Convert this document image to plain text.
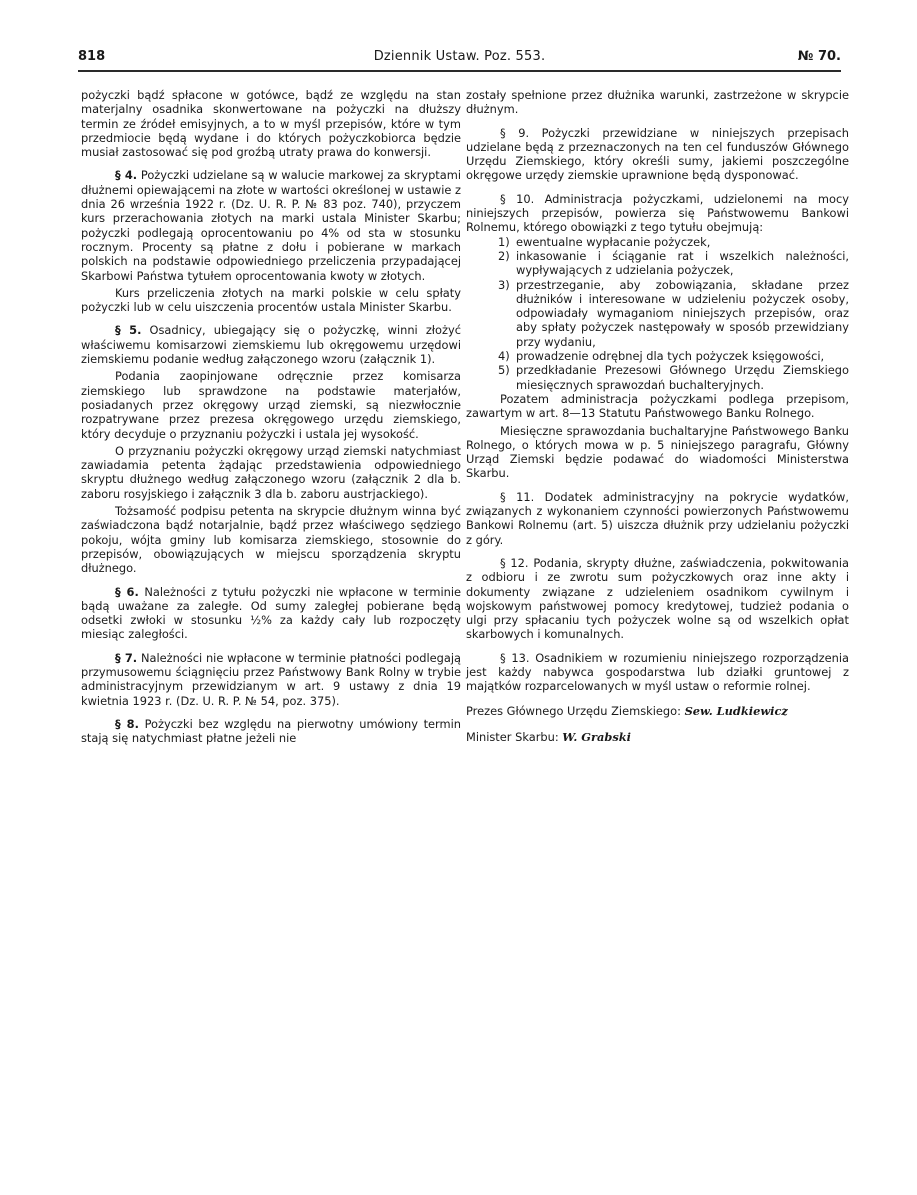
818	Dziennik Ustaw. Poz. 553.	№ 70.

pożyczki bądź spłacone w gotówce, bądź ze względu na stan materjalny osadnika skonwertowane na pożyczki na dłuższy termin ze źródeł emisyjnych, a to w myśl przepisów, które w tym przedmiocie będą wydane i do których pożyczkobiorca będzie musiał zastosować się pod groźbą utraty prawa do konwersji.

§ 4. Pożyczki udzielane są w walucie markowej za skryptami dłużnemi opiewającemi na złote w wartości określonej w ustawie z dnia 26 września 1922 r. (Dz. U. R. P. № 83 poz. 740), przyczem kurs przerachowania złotych na marki ustala Minister Skarbu; pożyczki podlegają oprocentowaniu po 4% od sta w stosunku rocznym. Procenty są płatne z dołu i pobierane w markach polskich na podstawie odpowiedniego przeliczenia przypadającej Skarbowi Państwa tytułem oprocentowania kwoty w złotych.

Kurs przeliczenia złotych na marki polskie w celu spłaty pożyczki lub w celu uiszczenia procentów ustala Minister Skarbu.

§ 5. Osadnicy, ubiegający się o pożyczkę, winni złożyć właściwemu komisarzowi ziemskiemu lub okręgowemu urzędowi ziemskiemu podanie według załączonego wzoru (załącznik 1).

Podania zaopinjowane odręcznie przez komisarza ziemskiego lub sprawdzone na podstawie materjałów, posiadanych przez okręgowy urząd ziemski, są niezwłocznie rozpatrywane przez prezesa okręgowego urzędu ziemskiego, który decyduje o przyznaniu pożyczki i ustala jej wysokość.

O przyznaniu pożyczki okręgowy urząd ziemski natychmiast zawiadamia petenta żądając przedstawienia odpowiedniego skryptu dłużnego według załączonego wzoru (załącznik 2 dla b. zaboru rosyjskiego i załącznik 3 dla b. zaboru austrjackiego).

Tożsamość podpisu petenta na skrypcie dłużnym winna być zaświadczona bądź notarjalnie, bądź przez właściwego sędziego pokoju, wójta gminy lub komisarza ziemskiego, stosownie do przepisów, obowiązujących w miejscu sporządzenia skryptu dłużnego.

§ 6. Należności z tytułu pożyczki nie wpłacone w terminie bądą uważane za zaległe. Od sumy zaległej pobierane będą odsetki zwłoki w stosunku ½% za każdy cały lub rozpoczęty miesiąc zaległości.

§ 7. Należności nie wpłacone w terminie płatności podlegają przymusowemu ściągnięciu przez Państwowy Bank Rolny w trybie administracyjnym przewidzianym w art. 9 ustawy z dnia 19 kwietnia 1923 r. (Dz. U. R. P. № 54, poz. 375).

§ 8. Pożyczki bez względu na pierwotny umówiony termin stają się natychmiast płatne jeżeli nie

zostały spełnione przez dłużnika warunki, zastrzeżone w skrypcie dłużnym.

§ 9. Pożyczki przewidziane w niniejszych przepisach udzielane będą z przeznaczonych na ten cel funduszów Głównego Urzędu Ziemskiego, który określi sumy, jakiemi poszczególne okręgowe urzędy ziemskie uprawnione będą dysponować.

§ 10. Administracja pożyczkami, udzielonemi na mocy niniejszych przepisów, powierza się Państwowemu Bankowi Rolnemu, którego obowiązki z tego tytułu obejmują:

1) ewentualne wypłacanie pożyczek,
2) inkasowanie i ściąganie rat i wszelkich należności, wypływających z udzielania pożyczek,
3) przestrzeganie, aby zobowiązania, składane przez dłużników i interesowane w udzieleniu pożyczek osoby, odpowiadały wymaganiom niniejszych przepisów, oraz aby spłaty pożyczek następowały w sposób przewidziany przy wydaniu,
4) prowadzenie odrębnej dla tych pożyczek księgowości,
5) przedkładanie Prezesowi Głównego Urzędu Ziemskiego miesięcznych sprawozdań buchalteryjnych.

Pozatem administracja pożyczkami podlega przepisom, zawartym w art. 8—13 Statutu Państwowego Banku Rolnego.

Miesięczne sprawozdania buchaltaryjne Państwowego Banku Rolnego, o których mowa w p. 5 niniejszego paragrafu, Główny Urząd Ziemski będzie podawać do wiadomości Ministerstwa Skarbu.

§ 11. Dodatek administracyjny na pokrycie wydatków, związanych z wykonaniem czynności powierzonych Państwowemu Bankowi Rolnemu (art. 5) uiszcza dłużnik przy udzielaniu pożyczki z góry.

§ 12. Podania, skrypty dłużne, zaświadczenia, pokwitowania z odbioru i ze zwrotu sum pożyczkowych oraz inne akty i dokumenty związane z udzieleniem osadnikom cywilnym i wojskowym państwowej pomocy kredytowej, tudzież podania o ulgi przy spłacaniu tych pożyczek wolne są od wszelkich opłat skarbowych i komunalnych.

§ 13. Osadnikiem w rozumieniu niniejszego rozporządzenia jest każdy nabywca gospodarstwa lub działki gruntowej z majątków rozparcelowanych w myśl ustaw o reformie rolnej.

Prezes Głównego Urzędu Ziemskiego: Sew. Ludkiewicz

Minister Skarbu: W. Grabski
